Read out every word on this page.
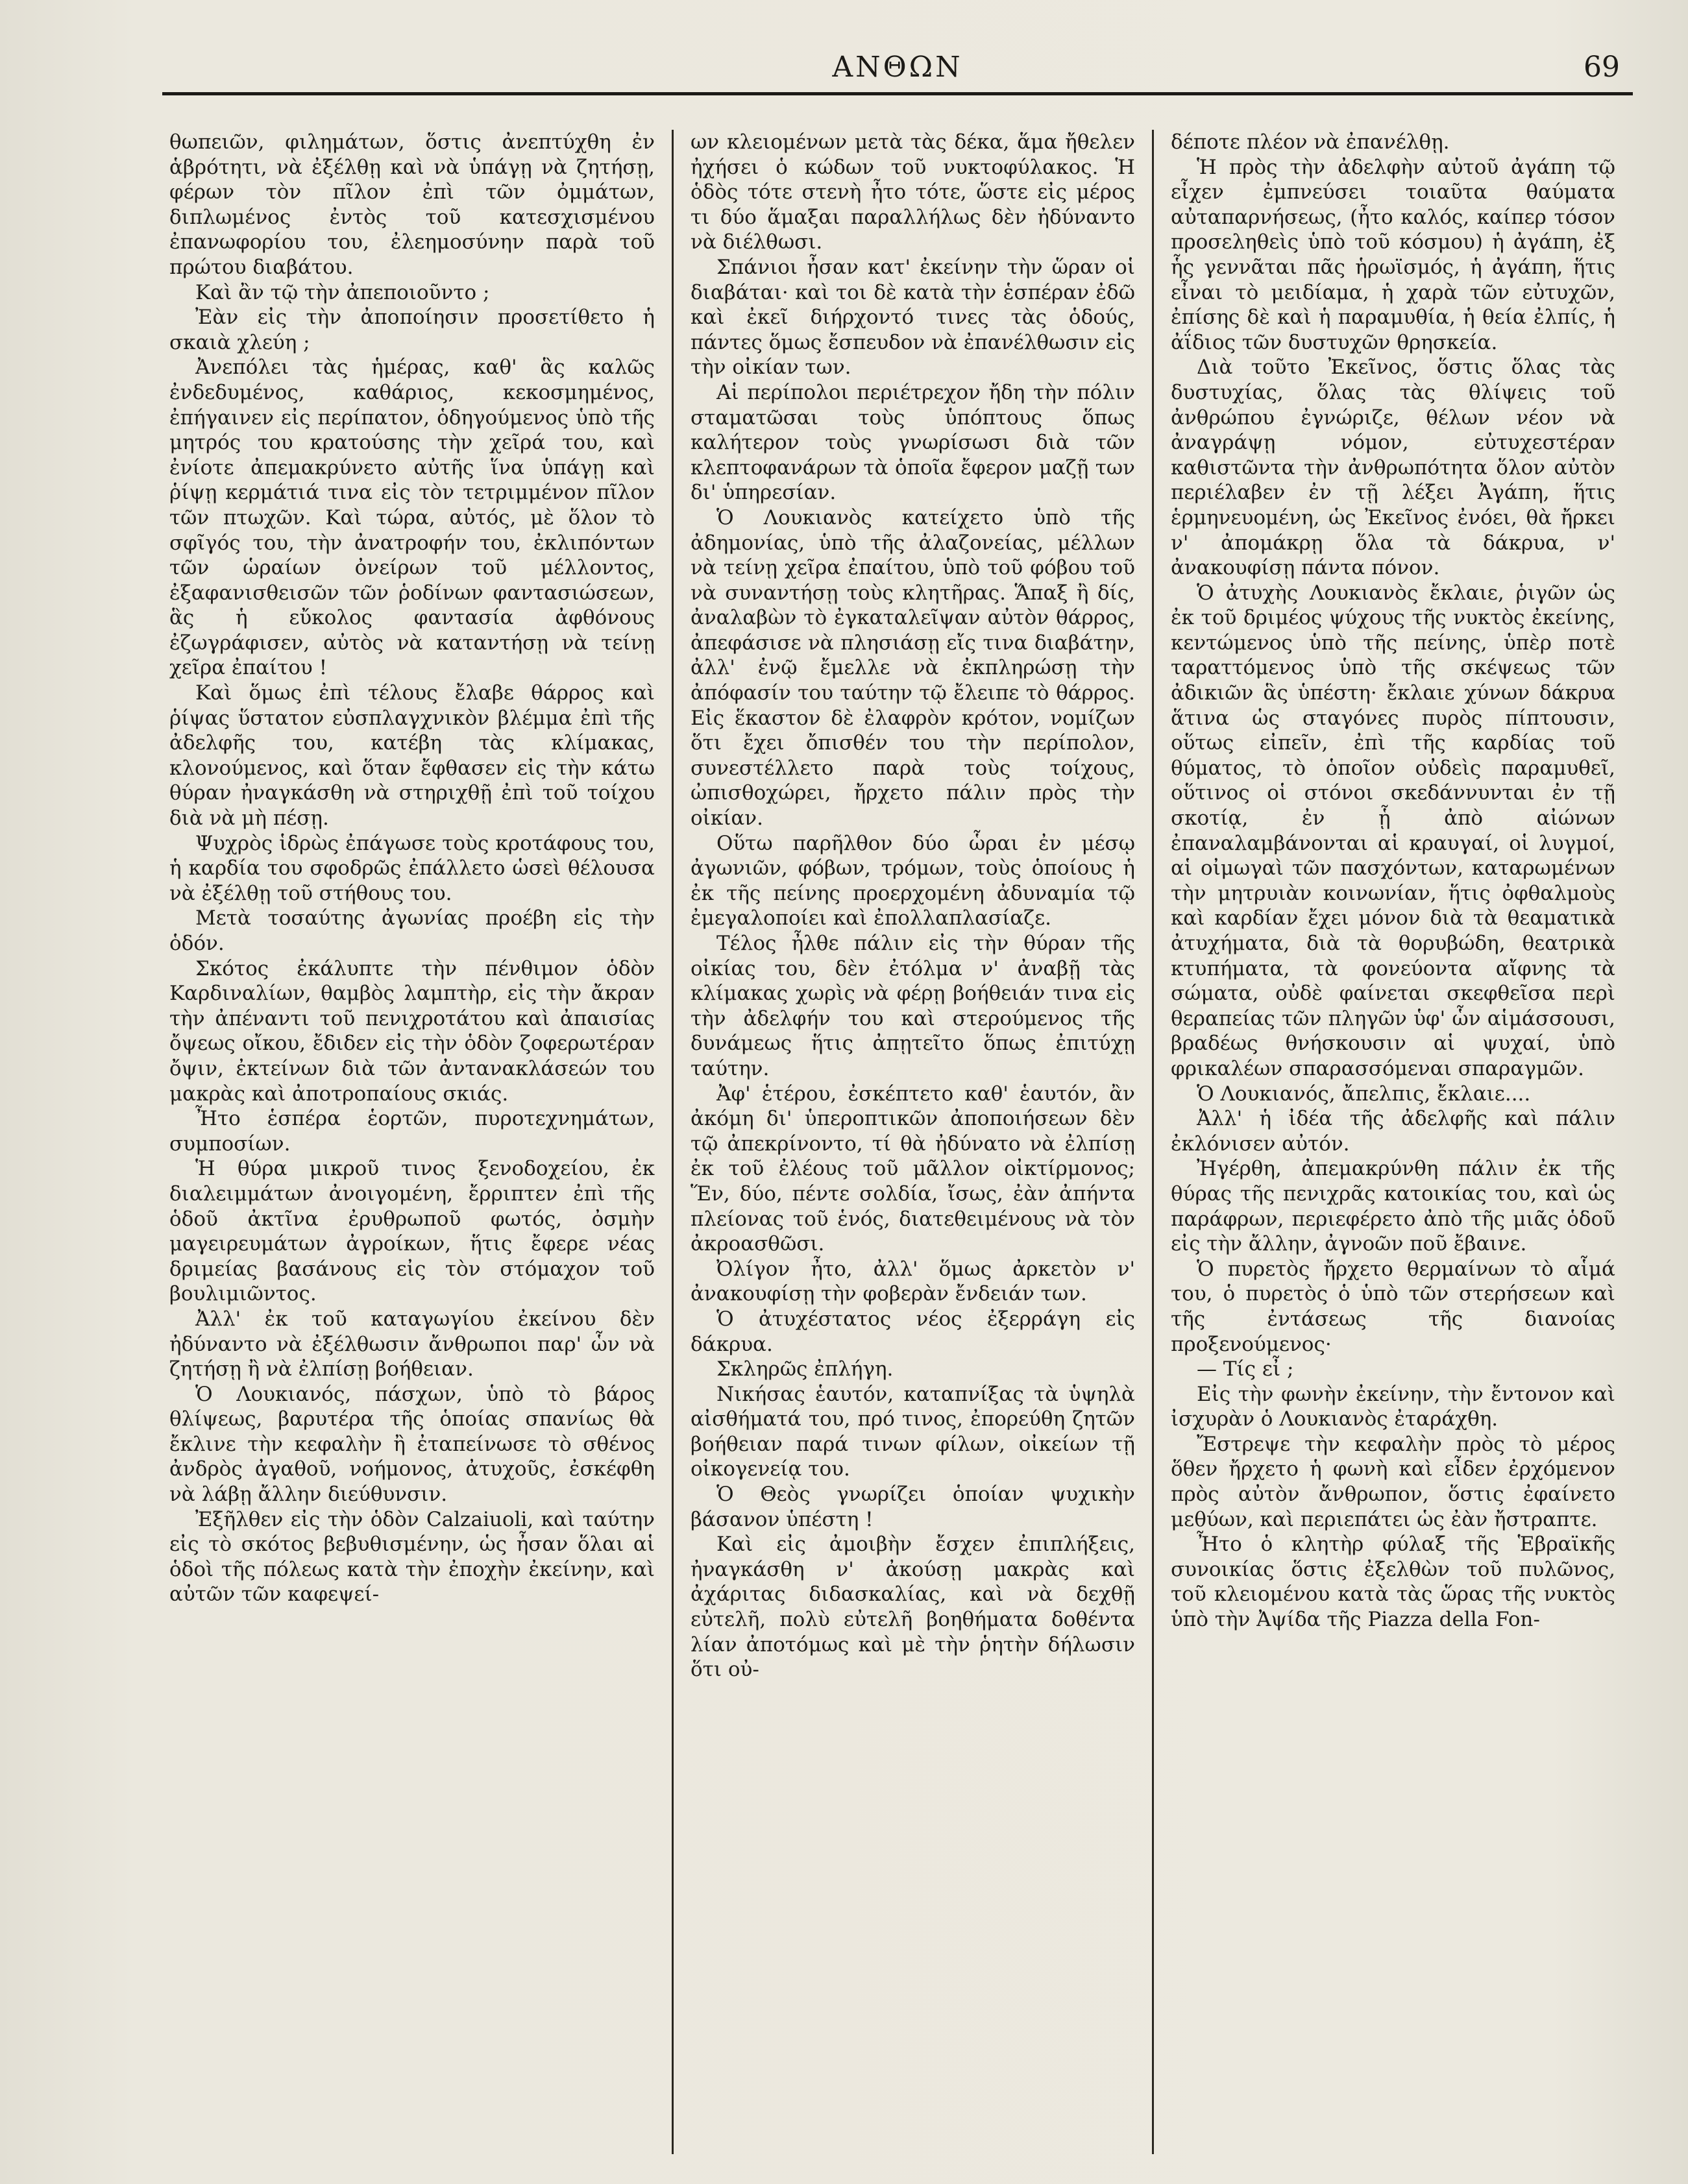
ΑΝΘΩΝ	69

θωπειῶν, φιλημάτων, ὅστις ἀνεπτύχθη ἐν ἁβρότητι, νὰ ἐξέλθῃ καὶ νὰ ὑπάγῃ νὰ ζητήσῃ, φέρων τὸν πῖλον ἐπὶ τῶν ὀμμάτων, διπλωμένος ἐντὸς τοῦ κατεσχισμένου ἐπανωφορίου του, ἐλεημοσύνην παρὰ τοῦ πρώτου διαβάτου.

Καὶ ἂν τῷ τὴν ἀπεποιοῦντο ;

Ἐὰν εἰς τὴν ἀποποίησιν προσετίθετο ἡ σκαιὰ χλεύη ;

Ἀνεπόλει τὰς ἡμέρας, καθ' ἃς καλῶς ἐνδεδυμένος, καθάριος, κεκοσμημένος, ἐπήγαινεν εἰς περίπατον, ὁδηγούμενος ὑπὸ τῆς μητρός του κρατούσης τὴν χεῖρά του, καὶ ἐνίοτε ἀπεμακρύνετο αὐτῆς ἵνα ὑπάγῃ καὶ ῥίψῃ κερμάτιά τινα εἰς τὸν τετριμμένον πῖλον τῶν πτωχῶν. Καὶ τώρα, αὐτός, μὲ ὅλον τὸ σφῖγός του, τὴν ἀνατροφήν του, ἐκλιπόντων τῶν ὡραίων ὀνείρων τοῦ μέλλοντος, ἐξαφανισθεισῶν τῶν ῥοδίνων φαντασιώσεων, ἃς ἡ εὔκολος φαντασία ἀφθόνους ἐζωγράφισεν, αὐτὸς νὰ καταντήσῃ νὰ τείνῃ χεῖρα ἐπαίτου !

Καὶ ὅμως ἐπὶ τέλους ἔλαβε θάρρος καὶ ῥίψας ὕστατον εὐσπλαγχνικὸν βλέμμα ἐπὶ τῆς ἀδελφῆς του, κατέβη τὰς κλίμακας, κλονούμενος, καὶ ὅταν ἔφθασεν εἰς τὴν κάτω θύραν ἠναγκάσθη νὰ στηριχθῇ ἐπὶ τοῦ τοίχου διὰ νὰ μὴ πέσῃ.

Ψυχρὸς ἱδρὼς ἐπάγωσε τοὺς κροτάφους του, ἡ καρδία του σφοδρῶς ἐπάλλετο ὡσεὶ θέλουσα νὰ ἐξέλθῃ τοῦ στήθους του.

Μετὰ τοσαύτης ἀγωνίας προέβη εἰς τὴν ὁδόν.

Σκότος ἐκάλυπτε τὴν πένθιμον ὁδὸν Καρδιναλίων, θαμβὸς λαμπτὴρ, εἰς τὴν ἄκραν τὴν ἀπέναντι τοῦ πενιχροτάτου καὶ ἀπαισίας ὄψεως οἴκου, ἔδιδεν εἰς τὴν ὁδὸν ζοφερωτέραν ὄψιν, ἐκτείνων διὰ τῶν ἀντανακλάσεών του μακρὰς καὶ ἀποτροπαίους σκιάς.

Ἦτο ἑσπέρα ἑορτῶν, πυροτεχνημάτων, συμποσίων.

Ἡ θύρα μικροῦ τινος ξενοδοχείου, ἐκ διαλειμμάτων ἀνοιγομένη, ἔρριπτεν ἐπὶ τῆς ὁδοῦ ἀκτῖνα ἐρυθρωποῦ φωτός, ὀσμὴν μαγειρευμάτων ἀγροίκων, ἥτις ἔφερε νέας δριμείας βασάνους εἰς τὸν στόμαχον τοῦ βουλιμιῶντος.

Ἀλλ' ἐκ τοῦ καταγωγίου ἐκείνου δὲν ἠδύναντο νὰ ἐξέλθωσιν ἄνθρωποι παρ' ὧν νὰ ζητήσῃ ἢ νὰ ἐλπίσῃ βοήθειαν.

Ὁ Λουκιανός, πάσχων, ὑπὸ τὸ βάρος θλίψεως, βαρυτέρα τῆς ὁποίας σπανίως θὰ ἔκλινε τὴν κεφαλὴν ἢ ἐταπείνωσε τὸ σθένος ἀνδρὸς ἀγαθοῦ, νοήμονος, ἀτυχοῦς, ἐσκέφθη νὰ λάβῃ ἄλλην διεύθυνσιν.

Ἐξῆλθεν εἰς τὴν ὁδὸν Calzaiuoli, καὶ ταύτην εἰς τὸ σκότος βεβυθισμένην, ὡς ἦσαν ὅλαι αἱ ὁδοὶ τῆς πόλεως κατὰ τὴν ἐποχὴν ἐκείνην, καὶ αὐτῶν τῶν καφεψεί-

ων κλειομένων μετὰ τὰς δέκα, ἅμα ἤθελεν ἠχήσει ὁ κώδων τοῦ νυκτοφύλακος. Ἡ ὁδὸς τότε στενὴ ἦτο τότε, ὥστε εἰς μέρος τι δύο ἅμαξαι παραλλήλως δὲν ἠδύναντο νὰ διέλθωσι.

Σπάνιοι ἦσαν κατ' ἐκείνην τὴν ὥραν οἱ διαβάται· καὶ τοι δὲ κατὰ τὴν ἑσπέραν ἐδῶ καὶ ἐκεῖ διήρχοντό τινες τὰς ὁδούς, πάντες ὅμως ἔσπευδον νὰ ἐπανέλθωσιν εἰς τὴν οἰκίαν των.

Αἱ περίπολοι περιέτρεχον ἤδη τὴν πόλιν σταματῶσαι τοὺς ὑπόπτους ὅπως καλήτερον τοὺς γνωρίσωσι διὰ τῶν κλεπτοφανάρων τὰ ὁποῖα ἔφερον μαζῇ των δι' ὑπηρεσίαν.

Ὁ Λουκιανὸς κατείχετο ὑπὸ τῆς ἀδημονίας, ὑπὸ τῆς ἀλαζονείας, μέλλων νὰ τείνῃ χεῖρα ἐπαίτου, ὑπὸ τοῦ φόβου τοῦ νὰ συναντήσῃ τοὺς κλητῆρας. Ἅπαξ ἢ δίς, ἀναλαβὼν τὸ ἐγκαταλεῖψαν αὐτὸν θάρρος, ἀπεφάσισε νὰ πλησιάσῃ εἴς τινα διαβάτην, ἀλλ' ἐνῷ ἔμελλε νὰ ἐκπληρώσῃ τὴν ἀπόφασίν του ταύτην τῷ ἔλειπε τὸ θάρρος. Εἰς ἕκαστον δὲ ἐλαφρὸν κρότον, νομίζων ὅτι ἔχει ὄπισθέν του τὴν περίπολον, συνεστέλλετο παρὰ τοὺς τοίχους, ὠπισθοχώρει, ἤρχετο πάλιν πρὸς τὴν οἰκίαν.

Οὕτω παρῆλθον δύο ὧραι ἐν μέσῳ ἀγωνιῶν, φόβων, τρόμων, τοὺς ὁποίους ἡ ἐκ τῆς πείνης προερχομένη ἀδυναμία τῷ ἐμεγαλοποίει καὶ ἐπολλαπλασίαζε.

Τέλος ἦλθε πάλιν εἰς τὴν θύραν τῆς οἰκίας του, δὲν ἐτόλμα ν' ἀναβῇ τὰς κλίμακας χωρὶς νὰ φέρῃ βοήθειάν τινα εἰς τὴν ἀδελφήν του καὶ στερούμενος τῆς δυνάμεως ἥτις ἀπῃτεῖτο ὅπως ἐπιτύχῃ ταύτην.

Ἀφ' ἑτέρου, ἐσκέπτετο καθ' ἑαυτόν, ἂν ἀκόμη δι' ὑπεροπτικῶν ἀποποιήσεων δὲν τῷ ἀπεκρίνοντο, τί θὰ ἠδύνατο νὰ ἐλπίσῃ ἐκ τοῦ ἐλέους τοῦ μᾶλλον οἰκτίρμονος; Ἕν, δύο, πέντε σολδία, ἴσως, ἐὰν ἀπήντα πλείονας τοῦ ἑνός, διατεθειμένους νὰ τὸν ἀκροασθῶσι.

Ὀλίγον ἦτο, ἀλλ' ὅμως ἀρκετὸν ν' ἀνακουφίσῃ τὴν φοβερὰν ἔνδειάν των.

Ὁ ἀτυχέστατος νέος ἐξερράγη εἰς δάκρυα.

Σκληρῶς ἐπλήγη.

Νικήσας ἑαυτόν, καταπνίξας τὰ ὑψηλὰ αἰσθήματά του, πρό τινος, ἐπορεύθη ζητῶν βοήθειαν παρά τινων φίλων, οἰκείων τῇ οἰκογενείᾳ του.

Ὁ Θεὸς γνωρίζει ὁποίαν ψυχικὴν βάσανον ὑπέστη !

Καὶ εἰς ἀμοιβὴν ἔσχεν ἐπιπλήξεις, ἠναγκάσθη ν' ἀκούσῃ μακρὰς καὶ ἀχάριτας διδασκαλίας, καὶ νὰ δεχθῇ εὐτελῆ, πολὺ εὐτελῆ βοηθήματα δοθέντα λίαν ἀποτόμως καὶ μὲ τὴν ῥητὴν δήλωσιν ὅτι οὐ-

δέποτε πλέον νὰ ἐπανέλθῃ.

Ἡ πρὸς τὴν ἀδελφὴν αὐτοῦ ἀγάπη τῷ εἶχεν ἐμπνεύσει τοιαῦτα θαύματα αὐταπαρνήσεως, (ἦτο καλός, καίπερ τόσον προσεληθεὶς ὑπὸ τοῦ κόσμου) ἡ ἀγάπη, ἐξ ἧς γεννᾶται πᾶς ἡρωϊσμός, ἡ ἀγάπη, ἥτις εἶναι τὸ μειδίαμα, ἡ χαρὰ τῶν εὐτυχῶν, ἐπίσης δὲ καὶ ἡ παραμυθία, ἡ θεία ἐλπίς, ἡ ἀΐδιος τῶν δυστυχῶν θρησκεία.

Διὰ τοῦτο Ἐκεῖνος, ὅστις ὅλας τὰς δυστυχίας, ὅλας τὰς θλίψεις τοῦ ἀνθρώπου ἐγνώριζε, θέλων νέον νὰ ἀναγράψῃ νόμον, εὐτυχεστέραν καθιστῶντα τὴν ἀνθρωπότητα ὅλον αὐτὸν περιέλαβεν ἐν τῇ λέξει Ἀγάπη, ἥτις ἑρμηνευομένη, ὡς Ἐκεῖνος ἐνόει, θὰ ἤρκει ν' ἀπομάκρῃ ὅλα τὰ δάκρυα, ν' ἀνακουφίσῃ πάντα πόνον.

Ὁ ἀτυχὴς Λουκιανὸς ἔκλαιε, ῥιγῶν ὡς ἐκ τοῦ δριμέος ψύχους τῆς νυκτὸς ἐκείνης, κεντώμενος ὑπὸ τῆς πείνης, ὑπὲρ ποτὲ ταραττόμενος ὑπὸ τῆς σκέψεως τῶν ἀδικιῶν ἃς ὑπέστη· ἔκλαιε χύνων δάκρυα ἅτινα ὡς σταγόνες πυρὸς πίπτουσιν, οὕτως εἰπεῖν, ἐπὶ τῆς καρδίας τοῦ θύματος, τὸ ὁποῖον οὐδεὶς παραμυθεῖ, οὕτινος οἱ στόνοι σκεδάννυνται ἐν τῇ σκοτίᾳ, ἐν ᾗ ἀπὸ αἰώνων ἐπαναλαμβάνονται αἱ κραυγαί, οἱ λυγμοί, αἱ οἰμωγαὶ τῶν πασχόντων, καταρωμένων τὴν μητρυιὰν κοινωνίαν, ἥτις ὀφθαλμοὺς καὶ καρδίαν ἔχει μόνον διὰ τὰ θεαματικὰ ἀτυχήματα, διὰ τὰ θορυβώδη, θεατρικὰ κτυπήματα, τὰ φονεύοντα αἴφνης τὰ σώματα, οὐδὲ φαίνεται σκεφθεῖσα περὶ θεραπείας τῶν πληγῶν ὑφ' ὧν αἱμάσσουσι, βραδέως θνήσκουσιν αἱ ψυχαί, ὑπὸ φρικαλέων σπαρασσόμεναι σπαραγμῶν.

Ὁ Λουκιανός, ἄπελπις, ἔκλαιε....

Ἀλλ' ἡ ἰδέα τῆς ἀδελφῆς καὶ πάλιν ἐκλόνισεν αὐτόν.

Ἠγέρθη, ἀπεμακρύνθη πάλιν ἐκ τῆς θύρας τῆς πενιχρᾶς κατοικίας του, καὶ ὡς παράφρων, περιεφέρετο ἀπὸ τῆς μιᾶς ὁδοῦ εἰς τὴν ἄλλην, ἀγνοῶν ποῦ ἔβαινε.

Ὁ πυρετὸς ἤρχετο θερμαίνων τὸ αἷμά του, ὁ πυρετὸς ὁ ὑπὸ τῶν στερήσεων καὶ τῆς ἐντάσεως τῆς διανοίας προξενούμενος·

— Τίς εἶ ;

Εἰς τὴν φωνὴν ἐκείνην, τὴν ἔντονον καὶ ἰσχυρὰν ὁ Λουκιανὸς ἐταράχθη.

Ἔστρεψε τὴν κεφαλὴν πρὸς τὸ μέρος ὅθεν ἤρχετο ἡ φωνὴ καὶ εἶδεν ἐρχόμενον πρὸς αὐτὸν ἄνθρωπον, ὅστις ἐφαίνετο μεθύων, καὶ περιεπάτει ὡς ἐὰν ἤστραπτε.

Ἦτο ὁ κλητὴρ φύλαξ τῆς Ἑβραϊκῆς συνοικίας ὅστις ἐξελθὼν τοῦ πυλῶνος, τοῦ κλειομένου κατὰ τὰς ὥρας τῆς νυκτὸς ὑπὸ τὴν Ἀψίδα τῆς Piazza della Fon-
